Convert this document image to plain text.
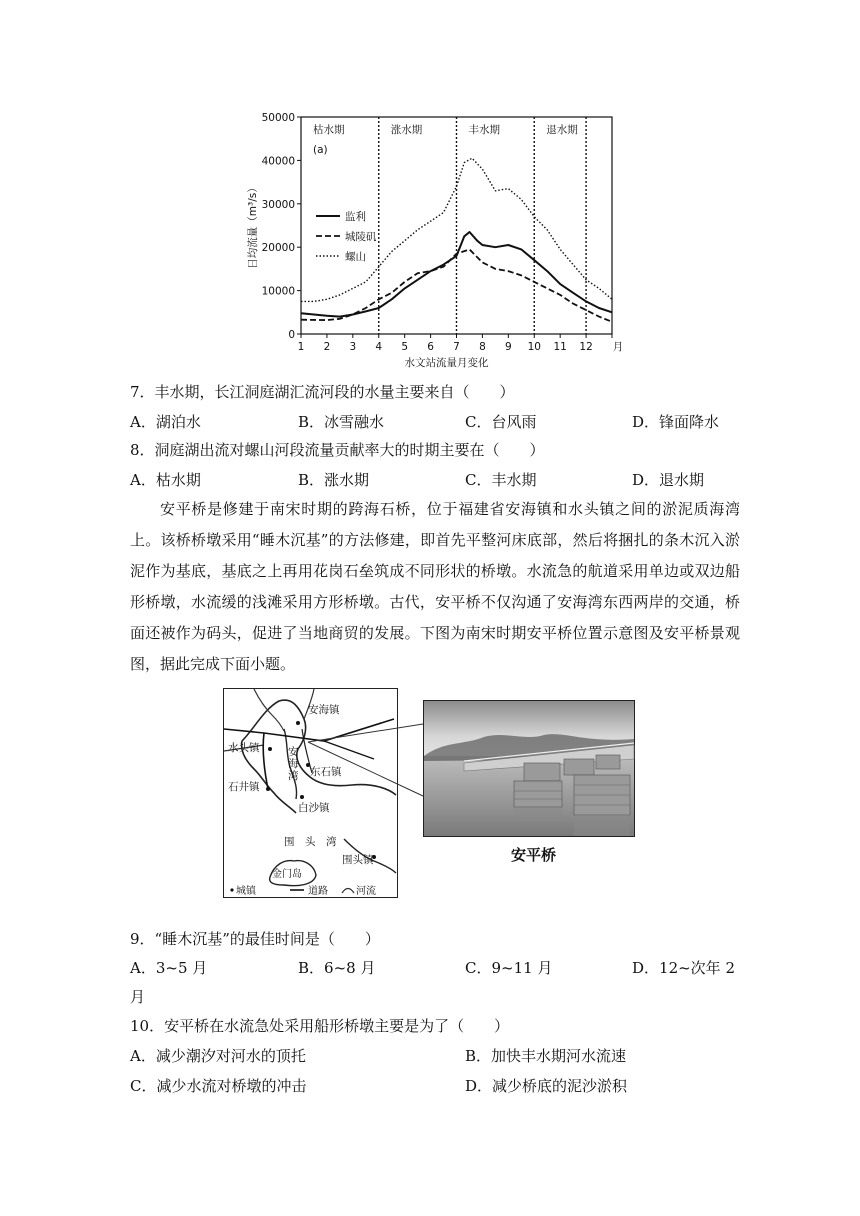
0
10000
20000
30000
40000
50000
1 2 3 4 5 6 7 8 9 10 11 12 月
日均流量（m³/s）
水文站流量月变化
枯水期	涨水期	丰水期	退水期
(a)
监利
城陵矶
螺山
7．丰水期，长江洞庭湖汇流河段的水量主要来自（　　）
A．湖泊水	B．冰雪融水	C．台风雨	D．锋面降水
8．洞庭湖出流对螺山河段流量贡献率大的时期主要在（　　）
A．枯水期	B．涨水期	C．丰水期	D．退水期
安平桥是修建于南宋时期的跨海石桥，位于福建省安海镇和水头镇之间的淤泥质海湾上。该桥桥墩采用“睡木沉基”的方法修建，即首先平整河床底部，然后将捆扎的条木沉入淤泥作为基底，基底之上再用花岗石垒筑成不同形状的桥墩。水流急的航道采用单边或双边船形桥墩，水流缓的浅滩采用方形桥墩。古代，安平桥不仅沟通了安海湾东西两岸的交通，桥面还被作为码头，促进了当地商贸的发展。下图为南宋时期安平桥位置示意图及安平桥景观图，据此完成下面小题。
安海镇
水头镇	安海湾 东石镇
石井镇
白沙镇
围　头　湾
围头镇
金门岛
城镇	道路	河流
安平桥
9．“睡木沉基”的最佳时间是（　　）
A．3~5 月	B．6~8 月	C．9~11 月	D．12~次年 2
月
10．安平桥在水流急处采用船形桥墩主要是为了（　　）
A．减少潮汐对河水的顶托	B．加快丰水期河水流速
C．减少水流对桥墩的冲击	D．减少桥底的泥沙淤积
